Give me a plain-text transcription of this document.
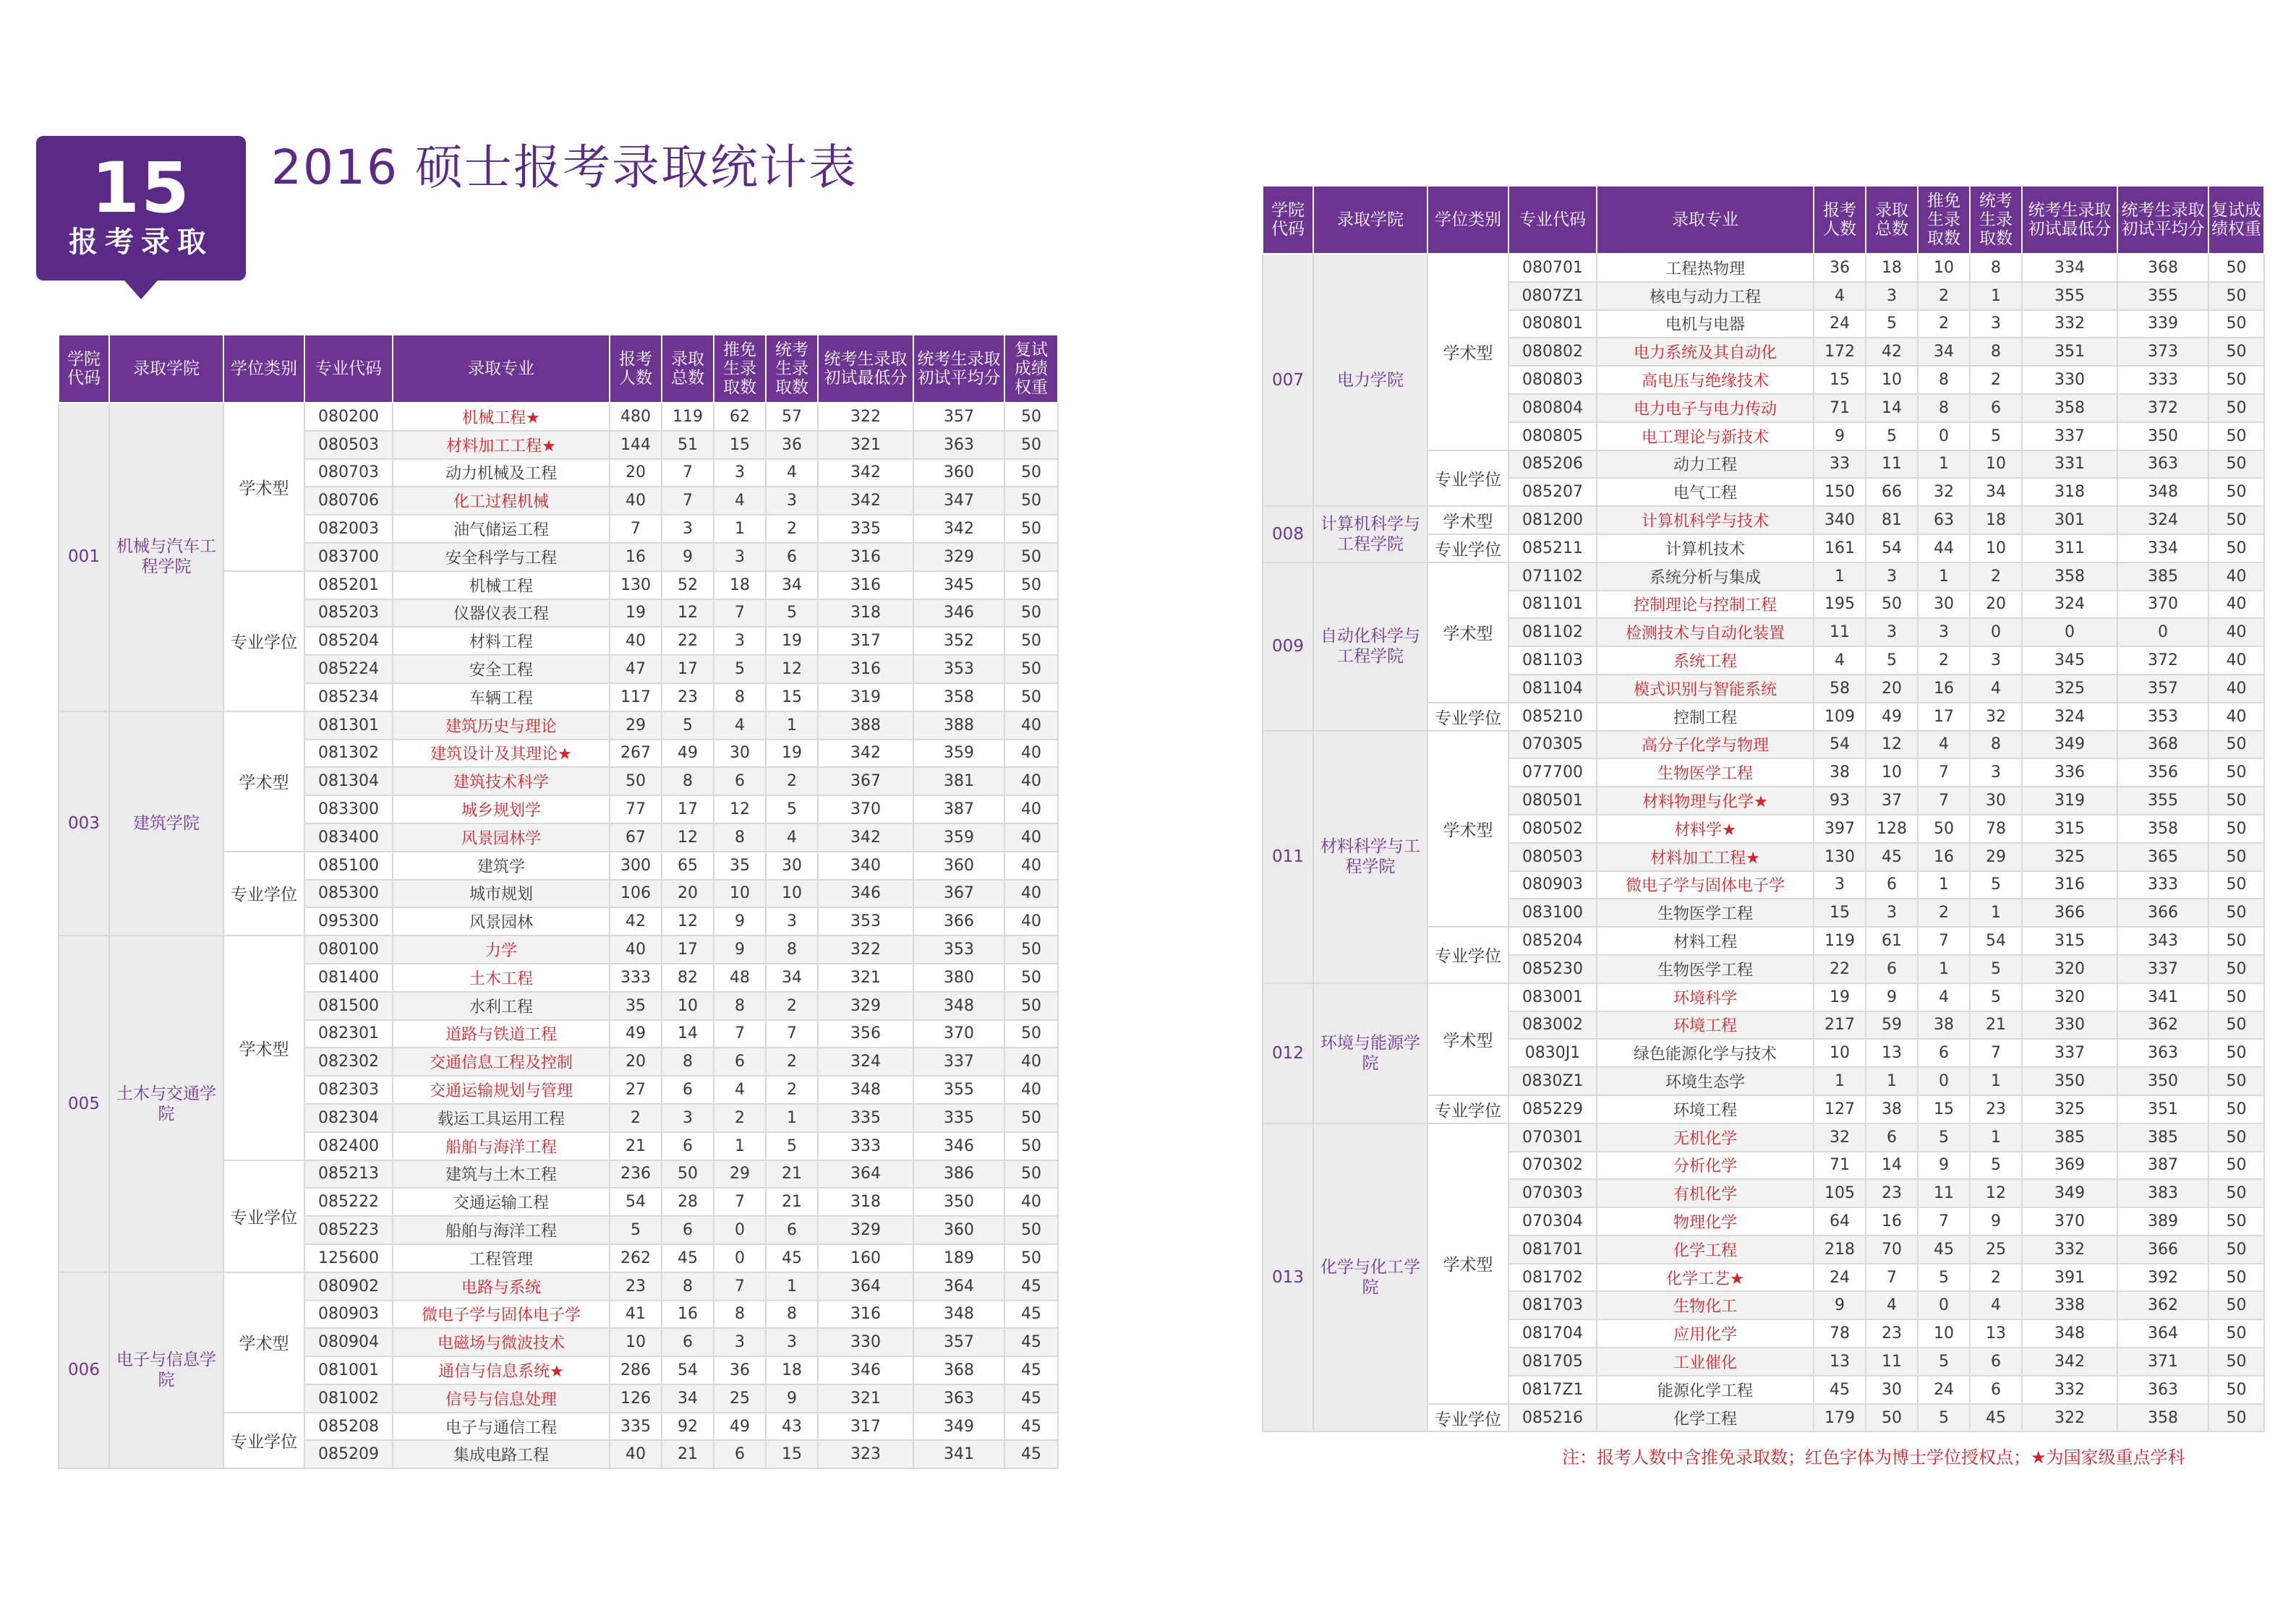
15
报考录取
2016 硕士报考录取统计表
学院代码	录取学院	学位类别	专业代码	录取专业	报考人数	录取总数	推免生录取数	统考生录取数	统考生录取初试最低分	统考生录取初试平均分	复试成绩权重
001	机械与汽车工程学院	学术型	080200	机械工程★	480	119	62	57	322	357	50
			080503	材料加工工程★	144	51	15	36	321	363	50
			080703	动力机械及工程	20	7	3	4	342	360	50
			080706	化工过程机械	40	7	4	3	342	347	50
			082003	油气储运工程	7	3	1	2	335	342	50
			083700	安全科学与工程	16	9	3	6	316	329	50
		专业学位	085201	机械工程	130	52	18	34	316	345	50
			085203	仪器仪表工程	19	12	7	5	318	346	50
			085204	材料工程	40	22	3	19	317	352	50
			085224	安全工程	47	17	5	12	316	353	50
			085234	车辆工程	117	23	8	15	319	358	50
003	建筑学院	学术型	081301	建筑历史与理论	29	5	4	1	388	388	40
			081302	建筑设计及其理论★	267	49	30	19	342	359	40
			081304	建筑技术科学	50	8	6	2	367	381	40
			083300	城乡规划学	77	17	12	5	370	387	40
			083400	风景园林学	67	12	8	4	342	359	40
		专业学位	085100	建筑学	300	65	35	30	340	360	40
			085300	城市规划	106	20	10	10	346	367	40
			095300	风景园林	42	12	9	3	353	366	40
005	土木与交通学院	学术型	080100	力学	40	17	9	8	322	353	50
			081400	土木工程	333	82	48	34	321	380	50
			081500	水利工程	35	10	8	2	329	348	50
			082301	道路与铁道工程	49	14	7	7	356	370	50
			082302	交通信息工程及控制	20	8	6	2	324	337	40
			082303	交通运输规划与管理	27	6	4	2	348	355	40
			082304	载运工具运用工程	2	3	2	1	335	335	50
			082400	船舶与海洋工程	21	6	1	5	333	346	50
		专业学位	085213	建筑与土木工程	236	50	29	21	364	386	50
			085222	交通运输工程	54	28	7	21	318	350	40
			085223	船舶与海洋工程	5	6	0	6	329	360	50
			125600	工程管理	262	45	0	45	160	189	50
006	电子与信息学院	学术型	080902	电路与系统	23	8	7	1	364	364	45
			080903	微电子学与固体电子学	41	16	8	8	316	348	45
			080904	电磁场与微波技术	10	6	3	3	330	357	45
			081001	通信与信息系统★	286	54	36	18	346	368	45
			081002	信号与信息处理	126	34	25	9	321	363	45
		专业学位	085208	电子与通信工程	335	92	49	43	317	349	45
			085209	集成电路工程	40	21	6	15	323	341	45
学院代码	录取学院	学位类别	专业代码	录取专业	报考人数	录取总数	推免生录取数	统考生录取数	统考生录取初试最低分	统考生录取初试平均分	复试成绩权重
007	电力学院	学术型	080701	工程热物理	36	18	10	8	334	368	50
			0807Z1	核电与动力工程	4	3	2	1	355	355	50
			080801	电机与电器	24	5	2	3	332	339	50
			080802	电力系统及其自动化	172	42	34	8	351	373	50
			080803	高电压与绝缘技术	15	10	8	2	330	333	50
			080804	电力电子与电力传动	71	14	8	6	358	372	50
			080805	电工理论与新技术	9	5	0	5	337	350	50
		专业学位	085206	动力工程	33	11	1	10	331	363	50
			085207	电气工程	150	66	32	34	318	348	50
008	计算机科学与工程学院	学术型	081200	计算机科学与技术	340	81	63	18	301	324	50
		专业学位	085211	计算机技术	161	54	44	10	311	334	50
009	自动化科学与工程学院	学术型	071102	系统分析与集成	1	3	1	2	358	385	40
			081101	控制理论与控制工程	195	50	30	20	324	370	40
			081102	检测技术与自动化装置	11	3	3	0	0	0	40
			081103	系统工程	4	5	2	3	345	372	40
			081104	模式识别与智能系统	58	20	16	4	325	357	40
		专业学位	085210	控制工程	109	49	17	32	324	353	40
011	材料科学与工程学院	学术型	070305	高分子化学与物理	54	12	4	8	349	368	50
			077700	生物医学工程	38	10	7	3	336	356	50
			080501	材料物理与化学★	93	37	7	30	319	355	50
			080502	材料学★	397	128	50	78	315	358	50
			080503	材料加工工程★	130	45	16	29	325	365	50
			080903	微电子学与固体电子学	3	6	1	5	316	333	50
			083100	生物医学工程	15	3	2	1	366	366	50
		专业学位	085204	材料工程	119	61	7	54	315	343	50
			085230	生物医学工程	22	6	1	5	320	337	50
012	环境与能源学院	学术型	083001	环境科学	19	9	4	5	320	341	50
			083002	环境工程	217	59	38	21	330	362	50
			0830J1	绿色能源化学与技术	10	13	6	7	337	363	50
			0830Z1	环境生态学	1	1	0	1	350	350	50
		专业学位	085229	环境工程	127	38	15	23	325	351	50
013	化学与化工学院	学术型	070301	无机化学	32	6	5	1	385	385	50
			070302	分析化学	71	14	9	5	369	387	50
			070303	有机化学	105	23	11	12	349	383	50
			070304	物理化学	64	16	7	9	370	389	50
			081701	化学工程	218	70	45	25	332	366	50
			081702	化学工艺★	24	7	5	2	391	392	50
			081703	生物化工	9	4	0	4	338	362	50
			081704	应用化学	78	23	10	13	348	364	50
			081705	工业催化	13	11	5	6	342	371	50
			0817Z1	能源化学工程	45	30	24	6	332	363	50
		专业学位	085216	化学工程	179	50	5	45	322	358	50
注：报考人数中含推免录取数；红色字体为博士学位授权点；★为国家级重点学科
